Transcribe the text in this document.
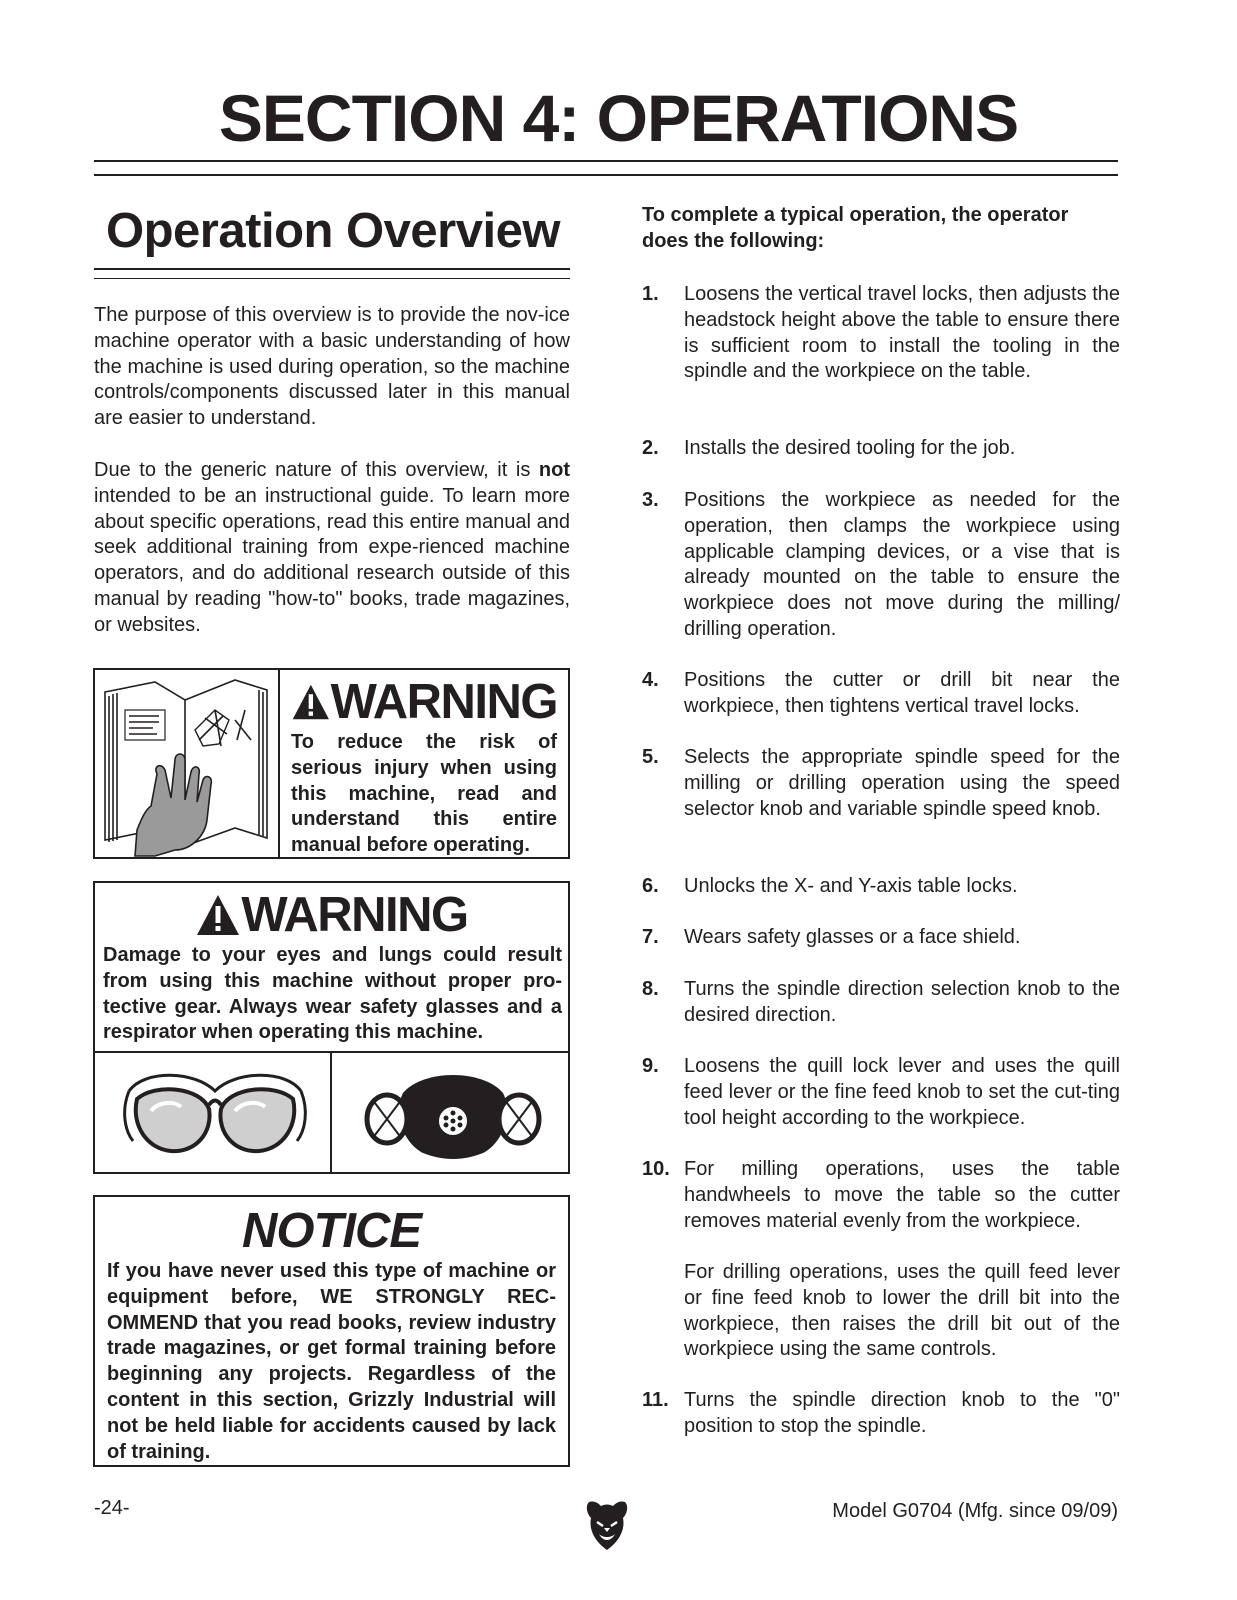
SECTION 4: OPERATIONS
Operation Overview

The purpose of this overview is to provide the nov-ice machine operator with a basic understanding of how the machine is used during operation, so the machine controls/components discussed later in this manual are easier to understand.

Due to the generic nature of this overview, it is not intended to be an instructional guide. To learn more about specific operations, read this entire manual and seek additional training from expe-rienced machine operators, and do additional research outside of this manual by reading "how-to" books, trade magazines, or websites.

WARNING

To reduce the risk of serious injury when using this machine, read and understand this entire manual before operating.

WARNING

Damage to your eyes and lungs could result from using this machine without proper pro-tective gear. Always wear safety glasses and a respirator when operating this machine.

NOTICE

If you have never used this type of machine or equipment before, WE STRONGLY REC-OMMEND that you read books, review industry trade magazines, or get formal training before beginning any projects. Regardless of the content in this section, Grizzly Industrial will not be held liable for accidents caused by lack of training.

To complete a typical operation, the operator does the following:

1. Loosens the vertical travel locks, then adjusts the headstock height above the table to ensure there is sufficient room to install the tooling in the spindle and the workpiece on the table.
2. Installs the desired tooling for the job.
3. Positions the workpiece as needed for the operation, then clamps the workpiece using applicable clamping devices, or a vise that is already mounted on the table to ensure the workpiece does not move during the milling/ drilling operation.
4. Positions the cutter or drill bit near the workpiece, then tightens vertical travel locks.
5. Selects the appropriate spindle speed for the milling or drilling operation using the speed selector knob and variable spindle speed knob.
6. Unlocks the X- and Y-axis table locks.
7. Wears safety glasses or a face shield.
8. Turns the spindle direction selection knob to the desired direction.
9. Loosens the quill lock lever and uses the quill feed lever or the fine feed knob to set the cut-ting tool height according to the workpiece.
10. For milling operations, uses the table handwheels to move the table so the cutter removes material evenly from the workpiece.
For drilling operations, uses the quill feed lever or fine feed knob to lower the drill bit into the workpiece, then raises the drill bit out of the workpiece using the same controls.
11. Turns the spindle direction knob to the "0" position to stop the spindle.
-24-	Model G0704 (Mfg. since 09/09)
